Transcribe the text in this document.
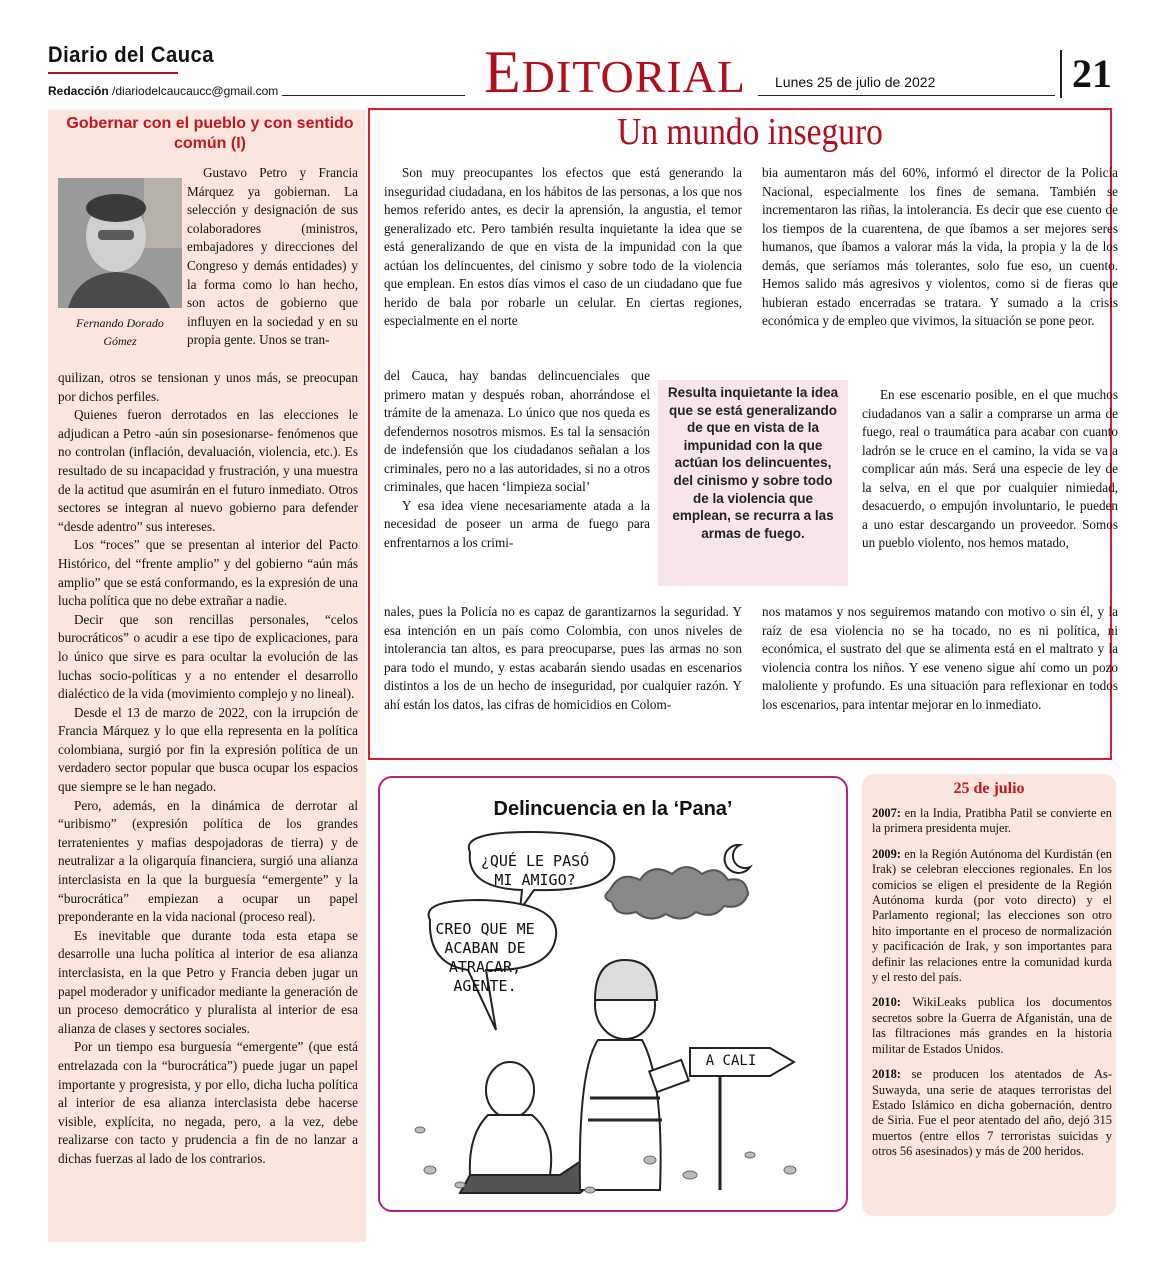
Diario del Cauca
Redacción /diariodelcaucaucc@gmail.com	EDITORIAL Lunes 25 de julio de 2022	21
Gobernar con el pueblo y con sentido común (I)
Fernando Dorado
Gómez

Gustavo Petro y Francia Márquez ya gobiernan. La selección y designación de sus colaboradores (ministros, embajadores y direcciones del Congreso y demás entidades) y la forma como lo han hecho, son actos de gobierno que influyen en la sociedad y en su propia gente. Unos se tran-

quilizan, otros se tensionan y unos más, se preocupan por dichos perfiles.

Quienes fueron derrotados en las elecciones le adjudican a Petro -aún sin posesionarse- fenómenos que no controlan (inflación, devaluación, violencia, etc.). Es resultado de su incapacidad y frustración, y una muestra de la actitud que asumirán en el futuro inmediato. Otros sectores se integran al nuevo gobierno para defender “desde adentro” sus intereses.

Los “roces” que se presentan al interior del Pacto Histórico, del “frente amplio” y del gobierno “aún más amplio” que se está conformando, es la expresión de una lucha política que no debe extrañar a nadie.

Decir que son rencillas personales, “celos burocráticos” o acudir a ese tipo de explicaciones, para lo único que sirve es para ocultar la evolución de las luchas socio-políticas y a no entender el desarrollo dialéctico de la vida (movimiento complejo y no lineal).

Desde el 13 de marzo de 2022, con la irrupción de Francia Márquez y lo que ella representa en la política colombiana, surgió por fin la expresión política de un verdadero sector popular que busca ocupar los espacios que siempre se le han negado.

Pero, además, en la dinámica de derrotar al “uribismo” (expresión política de los grandes terratenientes y mafias despojadoras de tierra) y de neutralizar a la oligarquía financiera, surgió una alianza interclasista en la que la burguesía “emergente” y la “burocrática” empiezan a ocupar un papel preponderante en la vida nacional (proceso real).

Es inevitable que durante toda esta etapa se desarrolle una lucha política al interior de esa alianza interclasista, en la que Petro y Francia deben jugar un papel moderador y unificador mediante la generación de un proceso democrático y pluralista al interior de esa alianza de clases y sectores sociales.

Por un tiempo esa burguesía “emergente” (que está entrelazada con la “burocrática”) puede jugar un papel importante y progresista, y por ello, dicha lucha política al interior de esa alianza interclasista debe hacerse visible, explícita, no negada, pero, a la vez, debe realizarse con tacto y prudencia a fin de no lanzar a dichas fuerzas al lado de los contrarios.

Un mundo inseguro

Son muy preocupantes los efectos que está generando la inseguridad ciudadana, en los hábitos de las personas, a los que nos hemos referido antes, es decir la aprensión, la angustia, el temor generalizado etc. Pero también resulta inquietante la idea que se está generalizando de que en vista de la impunidad con la que actúan los delincuentes, del cinismo y sobre todo de la violencia que emplean. En estos días vimos el caso de un ciudadano que fue herido de bala por robarle un celular. En ciertas regiones, especialmente en el norte

del Cauca, hay bandas delincuenciales que primero matan y después roban, ahorrándose el trámite de la amenaza. Lo único que nos queda es defendernos nosotros mismos. Es tal la sensación de indefensión que los ciudadanos señalan a los criminales, pero no a las autoridades, si no a otros criminales, que hacen ‘limpieza social’

Y esa idea viene necesariamente atada a la necesidad de poseer un arma de fuego para enfrentarnos a los crimi-

nales, pues la Policía no es capaz de garantizarnos la seguridad. Y esa intención en un país como Colombia, con unos niveles de intolerancia tan altos, es para preocuparse, pues las armas no son para todo el mundo, y estas acabarán siendo usadas en escenarios distintos a los de un hecho de inseguridad, por cualquier razón. Y ahí están los datos, las cifras de homicidios en Colom-

bia aumentaron más del 60%, informó el director de la Policía Nacional, especialmente los fines de semana. También se incrementaron las riñas, la intolerancia. Es decir que ese cuento de los tiempos de la cuarentena, de que íbamos a ser mejores seres humanos, que íbamos a valorar más la vida, la propia y la de los demás, que seríamos más tolerantes, solo fue eso, un cuento. Hemos salido más agresivos y violentos, como si de fieras que hubieran estado encerradas se tratara. Y sumado a la crisis económica y de empleo que vivimos, la situación se pone peor.

En ese escenario posible, en el que muchos ciudadanos van a salir a comprarse un arma de fuego, real o traumática para acabar con cuanto ladrón se le cruce en el camino, la vida se va a complicar aún más. Será una especie de ley de la selva, en el que por cualquier nimiedad, desacuerdo, o empujón involuntario, le pueden a uno estar descargando un proveedor. Somos un pueblo violento, nos hemos matado,

nos matamos y nos seguiremos matando con motivo o sin él, y la raíz de esa violencia no se ha tocado, no es ni política, ni económica, el sustrato del que se alimenta está en el maltrato y la violencia contra los niños. Y ese veneno sigue ahí como un pozo maloliente y profundo. Es una situación para reflexionar en todos los escenarios, para intentar mejorar en lo inmediato.

Resulta inquietante la idea que se está generalizando de que en vista de la impunidad con la que actúan los delincuentes, del cinismo y sobre todo de la violencia que emplean, se recurra a las armas de fuego.
Delincuencia en la ‘Pana’
¿QUÉ LE PASÓ MI AMIGO?
CREO QUE ME ACABAN DE ATRACAR, AGENTE.
A CALI
25 de julio

2007: en la India, Pratibha Patil se convierte en la primera presidenta mujer.

2009: en la Región Autónoma del Kurdistán (en Irak) se celebran elecciones regionales. En los comicios se eligen el presidente de la Región Autónoma kurda (por voto directo) y el Parlamento regional; las elecciones son otro hito importante en el proceso de normalización y pacificación de Irak, y son importantes para definir las relaciones entre la comunidad kurda y el resto del país.

2010: WikiLeaks publica los documentos secretos sobre la Guerra de Afganistán, una de las filtraciones más grandes en la historia militar de Estados Unidos.

2018: se producen los atentados de As-Suwayda, una serie de ataques terroristas del Estado Islámico en dicha gobernación, dentro de Siria. Fue el peor atentado del año, dejó 315 muertos (entre ellos 7 terroristas suicidas y otros 56 asesinados) y más de 200 heridos.
